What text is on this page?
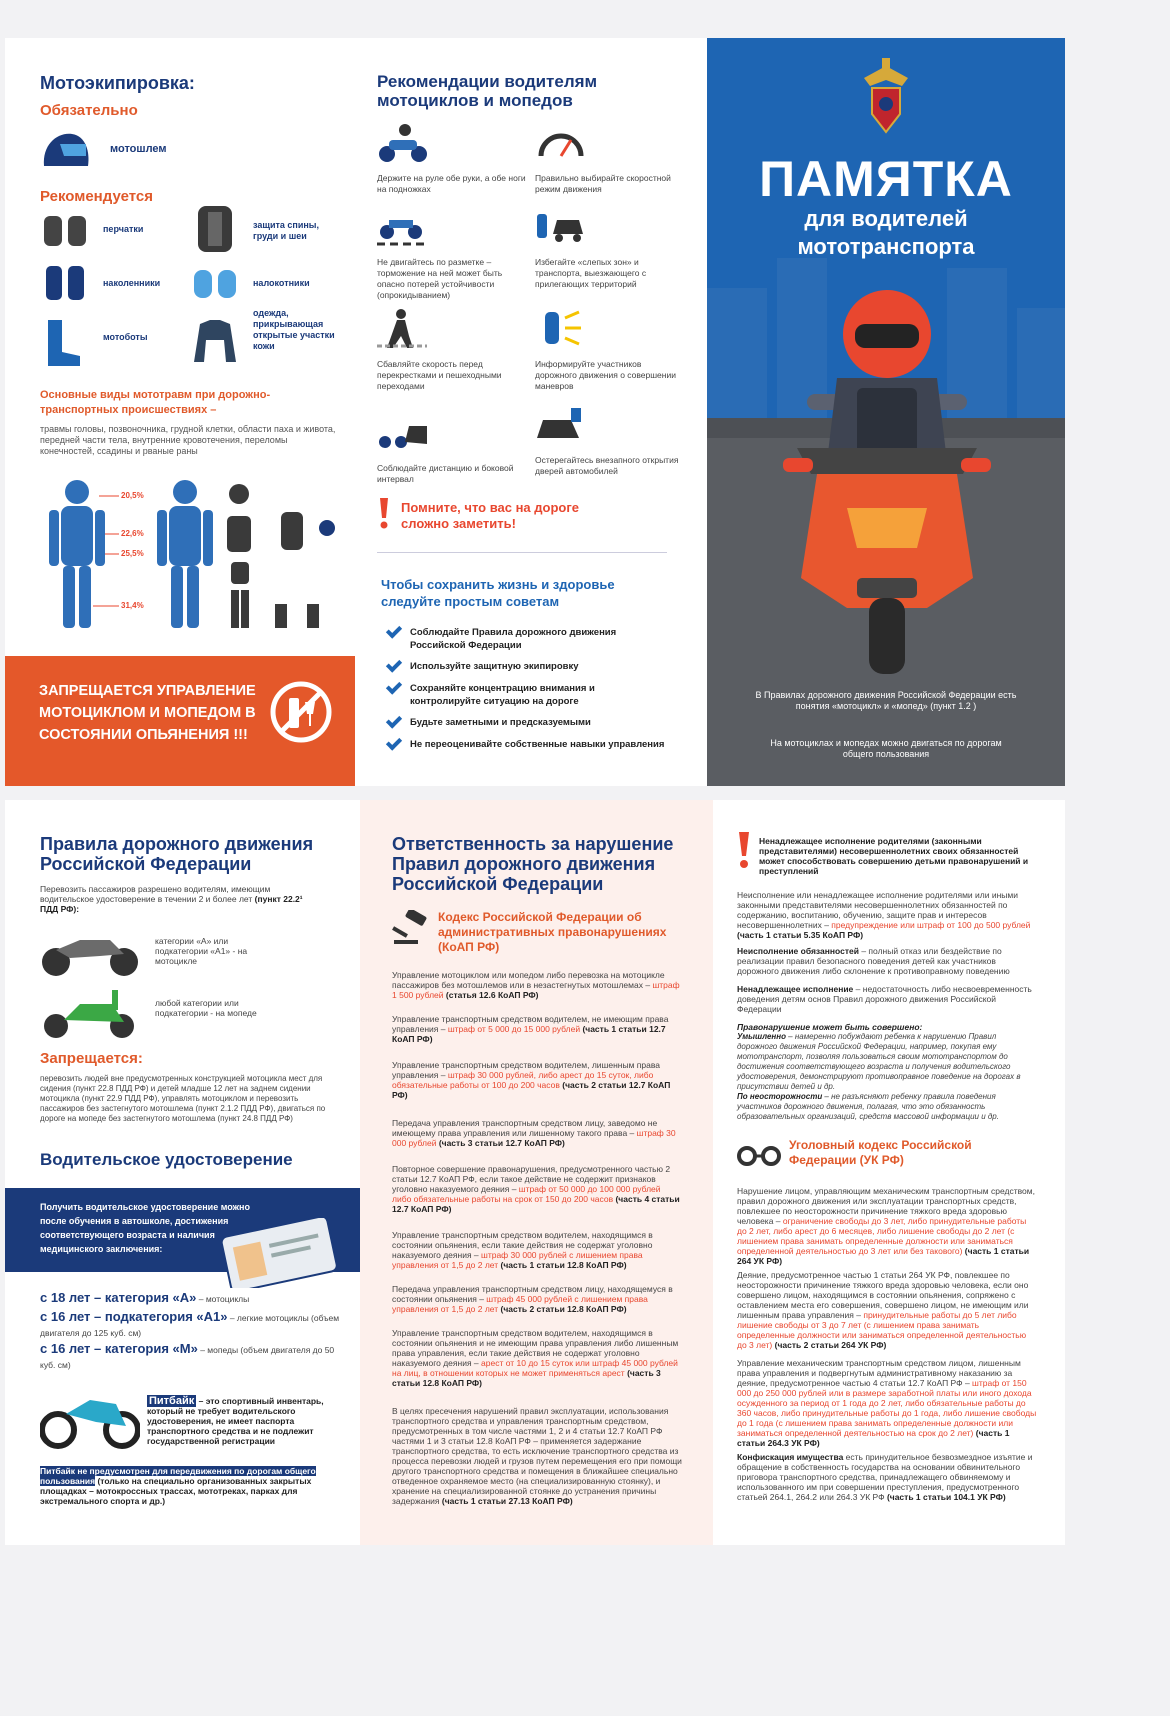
Мотоэкипировка:
Обязательно
мотошлем
Рекомендуется
перчатки	защита спины, груди и шеи
наколенники	налокотники
мотоботы
одежда, прикрывающая открытые участки кожи
Основные виды мототравм при дорожно-транспортных происшествиях –
травмы головы, позвоночника, грудной клетки, области паха и живота, передней части тела, внутренние кровотечения, переломы конечностей, ссадины и рваные раны
20,5%
22,6%
25,5%
31,4%
ЗАПРЕЩАЕТСЯ УПРАВЛЕНИЕ МОТОЦИКЛОМ И МОПЕДОМ В СОСТОЯНИИ ОПЬЯНЕНИЯ !!!
Рекомендации водителям мотоциклов и мопедов
Держите на руле обе руки, а обе ноги на подножках
Правильно выбирайте скоростной режим движения
Не двигайтесь по разметке – торможение на ней может быть опасно потерей устойчивости (опрокидыванием)
Избегайте «слепых зон» и транспорта, выезжающего с прилегающих территорий
Сбавляйте скорость перед перекрестками и пешеходными переходами
Информируйте участников дорожного движения о совершении маневров
Соблюдайте дистанцию и боковой интервал
Остерегайтесь внезапного открытия дверей автомобилей
Помните, что вас на дороге сложно заметить!
Чтобы сохранить жизнь и здоровье следуйте простым советам
Соблюдайте Правила дорожного движения Российской Федерации
Используйте защитную экипировку
Сохраняйте концентрацию внимания и контролируйте ситуацию на дороге
Будьте заметными и предсказуемыми
Не переоценивайте собственные навыки управления
ПАМЯТКА
для водителей
мототранспорта
В Правилах дорожного движения Российской Федерации есть понятия «мотоцикл» и «мопед» (пункт 1.2 )
На мотоциклах и мопедах можно двигаться по дорогам общего пользования
Правила дорожного движения Российской Федерации
Перевозить пассажиров разрешено водителям, имеющим водительское удостоверение в течении 2 и более лет (пункт 22.2¹ ПДД РФ):
категории «А» или подкатегории «А1» - на мотоцикле
любой категории или подкатегории - на мопеде
Запрещается:
перевозить людей вне предусмотренных конструкцией мотоцикла мест для сидения (пункт 22.8 ПДД РФ) и детей младше 12 лет на заднем сидении мотоцикла (пункт 22.9 ПДД РФ), управлять мотоциклом и перевозить пассажиров без застегнутого мотошлема (пункт 2.1.2 ПДД РФ), двигаться по дороге на мопеде без застегнутого мотошлема (пункт 24.8 ПДД РФ)
Водительское удостоверение
Получить водительское удостоверение можно после обучения в автошколе, достижения соответствующего возраста и наличия медицинского заключения:
с 18 лет – категория «А» – мотоциклы
с 16 лет – подкатегория «А1» – легкие мотоциклы (объем двигателя до 125 куб. см)
с 16 лет – категория «М» – мопеды (объем двигателя до 50 куб. см)
Питбайк – это спортивный инвентарь, который не требует водительского удостоверения, не имеет паспорта транспортного средства и не подлежит государственной регистрации
Питбайк не предусмотрен для передвижения по дорогам общего пользования (только на специально организованных закрытых площадках – мотокроссных трассах, мототреках, парках для экстремального спорта и др.)
Ответственность за нарушение Правил дорожного движения Российской Федерации
Кодекс Российской Федерации об административных правонарушениях (КоАП РФ)
Управление мотоциклом или мопедом либо перевозка на мотоцикле пассажиров без мотошлемов или в незастегнутых мотошлемах – штраф 1 500 рублей (статья 12.6 КоАП РФ)
Управление транспортным средством водителем, не имеющим права управления – штраф от 5 000 до 15 000 рублей (часть 1 статьи 12.7 КоАП РФ)
Управление транспортным средством водителем, лишенным права управления – штраф 30 000 рублей, либо арест до 15 суток, либо обязательные работы от 100 до 200 часов (часть 2 статьи 12.7 КоАП РФ)
Передача управления транспортным средством лицу, заведомо не имеющему права управления или лишенному такого права – штраф 30 000 рублей (часть 3 статьи 12.7 КоАП РФ)
Повторное совершение правонарушения, предусмотренного частью 2 статьи 12.7 КоАП РФ, если такое действие не содержит признаков уголовно наказуемого деяния – штраф от 50 000 до 100 000 рублей либо обязательные работы на срок от 150 до 200 часов (часть 4 статьи 12.7 КоАП РФ)
Управление транспортным средством водителем, находящимся в состоянии опьянения, если такие действия не содержат уголовно наказуемого деяния – штраф 30 000 рублей с лишением права управления от 1,5 до 2 лет (часть 1 статьи 12.8 КоАП РФ)
Передача управления транспортным средством лицу, находящемуся в состоянии опьянения – штраф 45 000 рублей с лишением права управления от 1,5 до 2 лет (часть 2 статьи 12.8 КоАП РФ)
Управление транспортным средством водителем, находящимся в состоянии опьянения и не имеющим права управления либо лишенным права управления, если такие действия не содержат уголовно наказуемого деяния – арест от 10 до 15 суток или штраф 45 000 рублей на лиц, в отношении которых не может применяться арест (часть 3 статьи 12.8 КоАП РФ)
В целях пресечения нарушений правил эксплуатации, использования транспортного средства и управления транспортным средством, предусмотренных в том числе частями 1, 2 и 4 статьи 12.7 КоАП РФ частями 1 и 3 статьи 12.8 КоАП РФ – применяется задержание транспортного средства, то есть исключение транспортного средства из процесса перевозки людей и грузов путем перемещения его при помощи другого транспортного средства и помещения в ближайшее специально отведенное охраняемое место (на специализированную стоянку), и хранение на специализированной стоянке до устранения причины задержания (часть 1 статьи 27.13 КоАП РФ)
Ненадлежащее исполнение родителями (законными представителями) несовершеннолетних своих обязанностей может способствовать совершению детьми правонарушений и преступлений
Неисполнение или ненадлежащее исполнение родителями или иными законными представителями несовершеннолетних обязанностей по содержанию, воспитанию, обучению, защите прав и интересов несовершеннолетних – предупреждение или штраф от 100 до 500 рублей (часть 1 статьи 5.35 КоАП РФ)
Неисполнение обязанностей – полный отказ или бездействие по реализации правил безопасного поведения детей как участников дорожного движения либо склонение к противоправному поведению
Ненадлежащее исполнение – недостаточность либо несвоевременность доведения детям основ Правил дорожного движения Российской Федерации
Правонарушение может быть совершено:
Умышленно – намеренно побуждают ребенка к нарушению Правил дорожного движения Российской Федерации, например, покупая ему мототранспорт, позволяя пользоваться своим мототранспортом до достижения соответствующего возраста и получения водительского удостоверения, демонстрируют противоправное поведение на дорогах в присутствии детей и др.
По неосторожности – не разъясняют ребенку правила поведения участников дорожного движения, полагая, что это обязанность образовательных организаций, средств массовой информации и др.
Уголовный кодекс Российской Федерации (УК РФ)
Нарушение лицом, управляющим механическим транспортным средством, правил дорожного движения или эксплуатации транспортных средств, повлекшее по неосторожности причинение тяжкого вреда здоровью человека – ограничение свободы до 3 лет, либо принудительные работы до 2 лет, либо арест до 6 месяцев, либо лишение свободы до 2 лет (с лишением права занимать определенные должности или заниматься определенной деятельностью до 3 лет или без такового) (часть 1 статьи 264 УК РФ)
Деяние, предусмотренное частью 1 статьи 264 УК РФ, повлекшее по неосторожности причинение тяжкого вреда здоровью человека, если оно совершено лицом, находящимся в состоянии опьянения, сопряжено с оставлением места его совершения, совершено лицом, не имеющим или лишенным права управления – принудительные работы до 5 лет либо лишение свободы от 3 до 7 лет (с лишением права занимать определенные должности или заниматься определенной деятельностью до 3 лет) (часть 2 статьи 264 УК РФ)
Управление механическим транспортным средством лицом, лишенным права управления и подвергнутым административному наказанию за деяние, предусмотренное частью 4 статьи 12.7 КоАП РФ – штраф от 150 000 до 250 000 рублей или в размере заработной платы или иного дохода осужденного за период от 1 года до 2 лет, либо обязательные работы до 360 часов, либо принудительные работы до 1 года, либо лишение свободы до 1 года (с лишением права занимать определенные должности или заниматься определенной деятельностью на срок до 2 лет) (часть 1 статьи 264.3 УК РФ)
Конфискация имущества есть принудительное безвозмездное изъятие и обращение в собственность государства на основании обвинительного приговора транспортного средства, принадлежащего обвиняемому и использованного им при совершении преступления, предусмотренного статьей 264.1, 264.2 или 264.3 УК РФ (часть 1 статьи 104.1 УК РФ)
